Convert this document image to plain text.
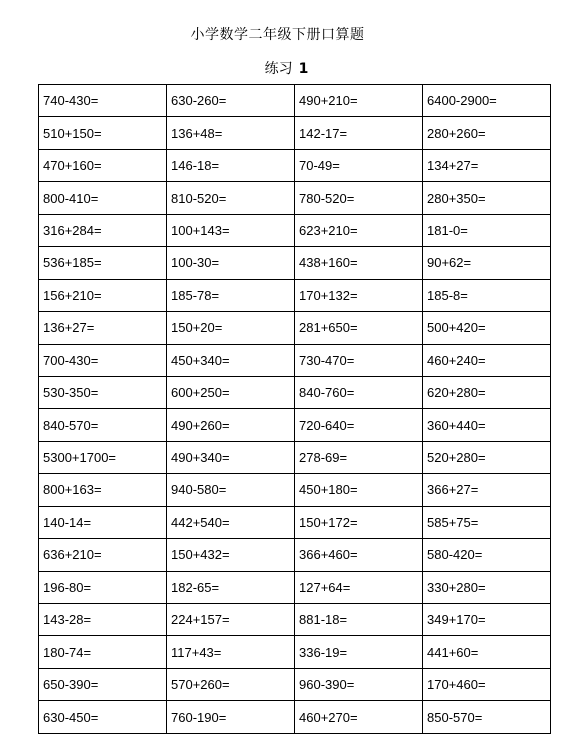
小学数学二年级下册口算题
练习 1
740-430=	630-260=	490+210=	6400-2900=
510+150=	136+48=	142-17=	280+260=
470+160=	146-18=	70-49=	134+27=
800-410=	810-520=	780-520=	280+350=
316+284=	100+143=	623+210=	181-0=
536+185=	100-30=	438+160=	90+62=
156+210=	185-78=	170+132=	185-8=
136+27=	150+20=	281+650=	500+420=
700-430=	450+340=	730-470=	460+240=
530-350=	600+250=	840-760=	620+280=
840-570=	490+260=	720-640=	360+440=
5300+1700=	490+340=	278-69=	520+280=
800+163=	940-580=	450+180=	366+27=
140-14=	442+540=	150+172=	585+75=
636+210=	150+432=	366+460=	580-420=
196-80=	182-65=	127+64=	330+280=
143-28=	224+157=	881-18=	349+170=
180-74=	117+43=	336-19=	441+60=
650-390=	570+260=	960-390=	170+460=
630-450=	760-190=	460+270=	850-570=
